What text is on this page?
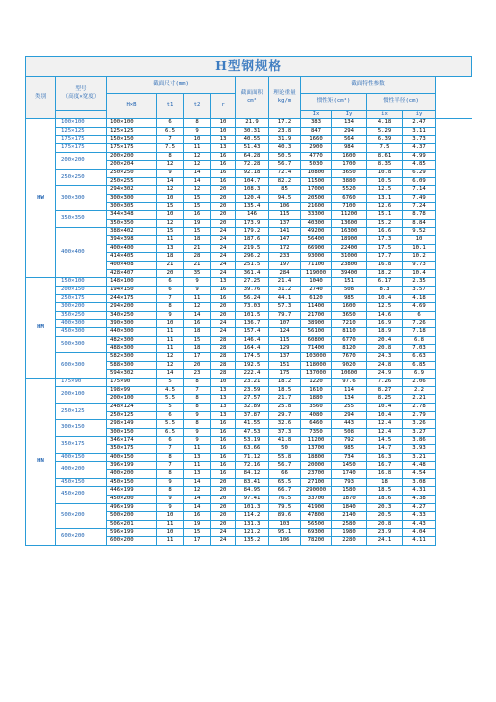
H型钢规格												
类别	型号
（高度×宽度）	截面尺寸(mm)				截面面积cm²	理论重量kg/m	截面特性参数				
		H×B	t1	t2	r			惯性矩(cm⁴)		惯性半径(cm)		
								Ix	Iy	ix	iy	
HW	100×100	100×100	6	8	10	21.9	17.2	383	134	4.18	2.47	
	125×125	125×125	6.5	9	10	30.31	23.8	847	294	5.29	3.11	
	175×175	150×150	7	10	13	40.55	31.9	1660	564	6.39	3.73	
	175×175	175×175	7.5	11	13	51.43	40.3	2900	984	7.5	4.37	
	200×200	200×200	8	12	16	64.28	50.5	4770	1600	8.61	4.99	
		200×204	12	12	16	72.28	56.7	5030	1700	8.35	4.85	
	250×250	250×250	9	14	16	92.18	72.4	10800	3650	10.8	6.29	
		250×255	14	14	16	104.7	82.2	11500	3880	10.5	6.09	
	300×300	294×302	12	12	20	108.3	85	17000	5520	12.5	7.14	
		300×300	10	15	20	120.4	94.5	20500	6760	13.1	7.49	
		300×305	15	15	20	135.4	106	21600	7100	12.6	7.24	
	350×350	344×348	10	16	20	146	115	33300	11200	15.1	8.78	
		350×350	12	19	20	173.9	137	40300	13600	15.2	8.84	
	400×400	388×402	15	15	24	179.2	141	49200	16300	16.6	9.52	
		394×398	11	18	24	187.6	147	56400	18900	17.3	10	
		400×400	13	21	24	219.5	172	66900	22400	17.5	10.1	
		414×405	18	28	24	296.2	233	93000	31000	17.7	10.2	
		400×408	21	21	24	251.5	197	71100	23800	16.8	9.73	
		428×407	20	35	24	361.4	284	119000	39400	18.2	10.4	
HM	150×100	148×100	6	9	13	27.25	21.4	1040	151	6.17	2.35	
	200×150	194×150	6	9	16	39.76	31.2	2740	508	8.3	3.57	
	250×175	244×175	7	11	16	56.24	44.1	6120	985	10.4	4.18	
	300×200	294×200	8	12	20	73.03	57.3	11400	1600	12.5	4.69	
	350×250	340×250	9	14	20	101.5	79.7	21700	3650	14.6	6	
	400×300	390×300	10	16	24	136.7	107	38900	7210	16.9	7.26	
	450×300	440×300	11	18	24	157.4	124	56100	8110	18.9	7.18	
	500×300	482×300	11	15	28	146.4	115	60800	6770	20.4	6.8	
		488×300	11	18	28	164.4	129	71400	8120	20.8	7.03	
	600×300	582×300	12	17	28	174.5	137	103000	7670	24.3	6.63	
		588×300	12	20	28	192.5	151	118000	9020	24.8	6.85	
		594×302	14	23	28	222.4	175	137000	10600	24.9	6.9	
HN	175×90	175×90	5	8	10	23.21	18.2	1220	97.6	7.26	2.06	
	200×100	198×99	4.5	7	13	23.59	18.5	1610	114	8.27	2.2	
		200×100	5.5	8	13	27.57	21.7	1880	134	8.25	2.21	
	250×125	248×124	5	8	13	32.89	25.8	3560	255	10.4	2.78	
		250×125	6	9	13	37.87	29.7	4080	294	10.4	2.79	
	300×150	298×149	5.5	8	16	41.55	32.6	6460	443	12.4	3.26	
		300×150	6.5	9	16	47.53	37.3	7350	508	12.4	3.27	
	350×175	346×174	6	9	16	53.19	41.8	11200	792	14.5	3.86	
		350×175	7	11	16	63.66	50	13700	985	14.7	3.93	
	400×150	400×150	8	13	16	71.12	55.8	18800	734	16.3	3.21	
	400×200	396×199	7	11	16	72.16	56.7	20000	1450	16.7	4.48	
		400×200	8	13	16	84.12	66	23700	1740	16.8	4.54	
	450×150	450×150	9	14	20	83.41	65.5	27100	793	18	3.08	
	450×200	446×199	8	12	20	84.95	66.7	290000	1580	18.5	4.31	
		450×200	9	14	20	97.41	76.5	33700	1870	18.6	4.38	
	500×200	496×199	9	14	20	101.3	79.5	41900	1840	20.3	4.27	
		500×200	10	16	20	114.2	89.6	47800	2140	20.5	4.33	
		506×201	11	19	20	131.3	103	56500	2580	20.8	4.43	
	600×200	596×199	10	15	24	121.2	95.1	69300	1980	23.9	4.04	
		600×200	11	17	24	135.2	106	78200	2280	24.1	4.11	
